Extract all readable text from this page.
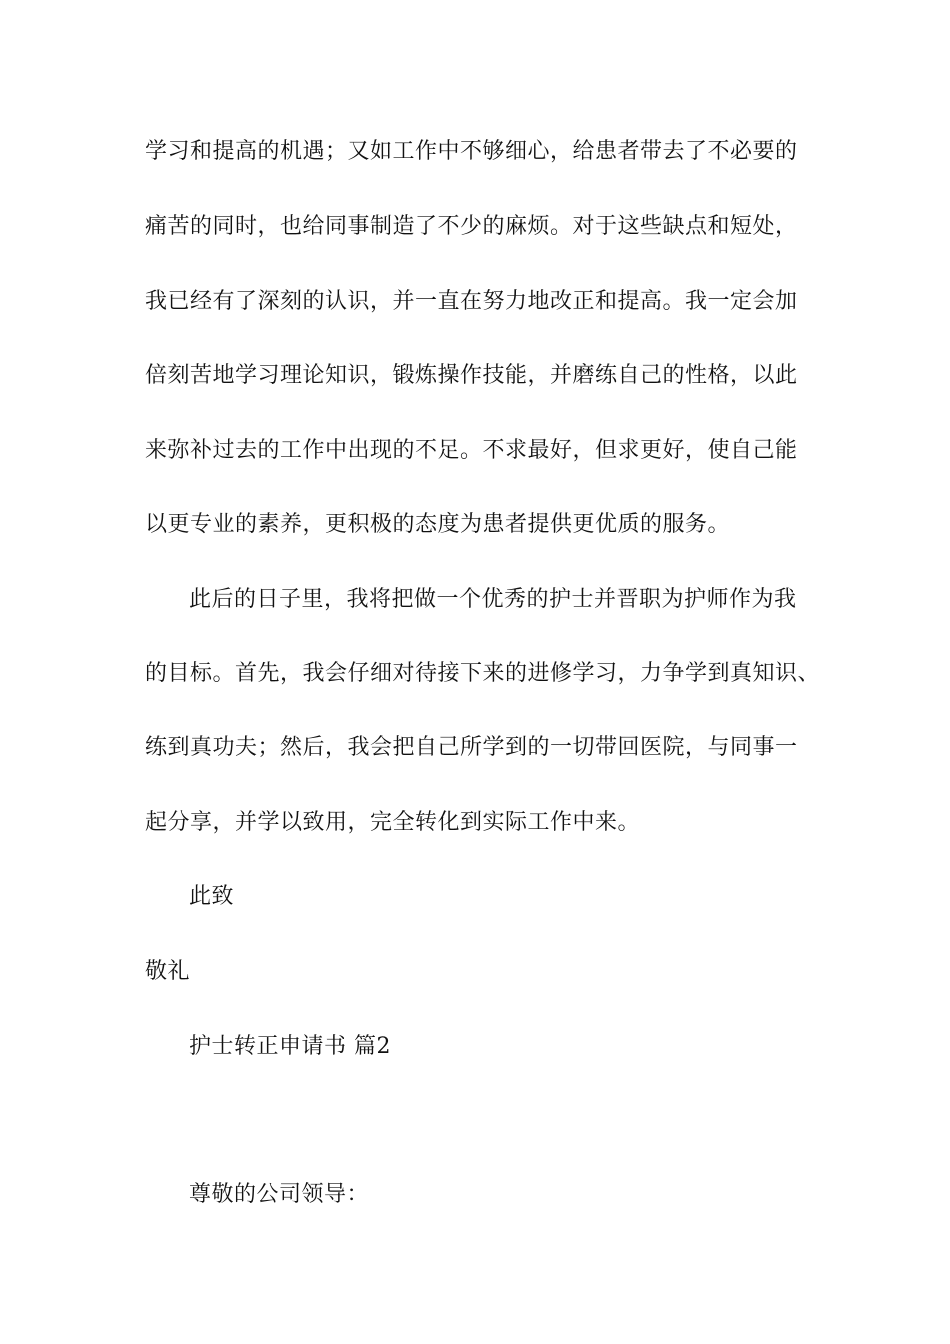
学习和提高的机遇；又如工作中不够细心，给患者带去了不必要的
痛苦的同时，也给同事制造了不少的麻烦。对于这些缺点和短处，
我已经有了深刻的认识，并一直在努力地改正和提高。我一定会加
倍刻苦地学习理论知识，锻炼操作技能，并磨练自己的性格，以此
来弥补过去的工作中出现的不足。不求最好，但求更好，使自己能
以更专业的素养，更积极的态度为患者提供更优质的服务。
此后的日子里，我将把做一个优秀的护士并晋职为护师作为我
的目标。首先，我会仔细对待接下来的进修学习，力争学到真知识、
练到真功夫；然后，我会把自己所学到的一切带回医院，与同事一
起分享，并学以致用，完全转化到实际工作中来。
此致
敬礼
护士转正申请书 篇2
尊敬的公司领导：
